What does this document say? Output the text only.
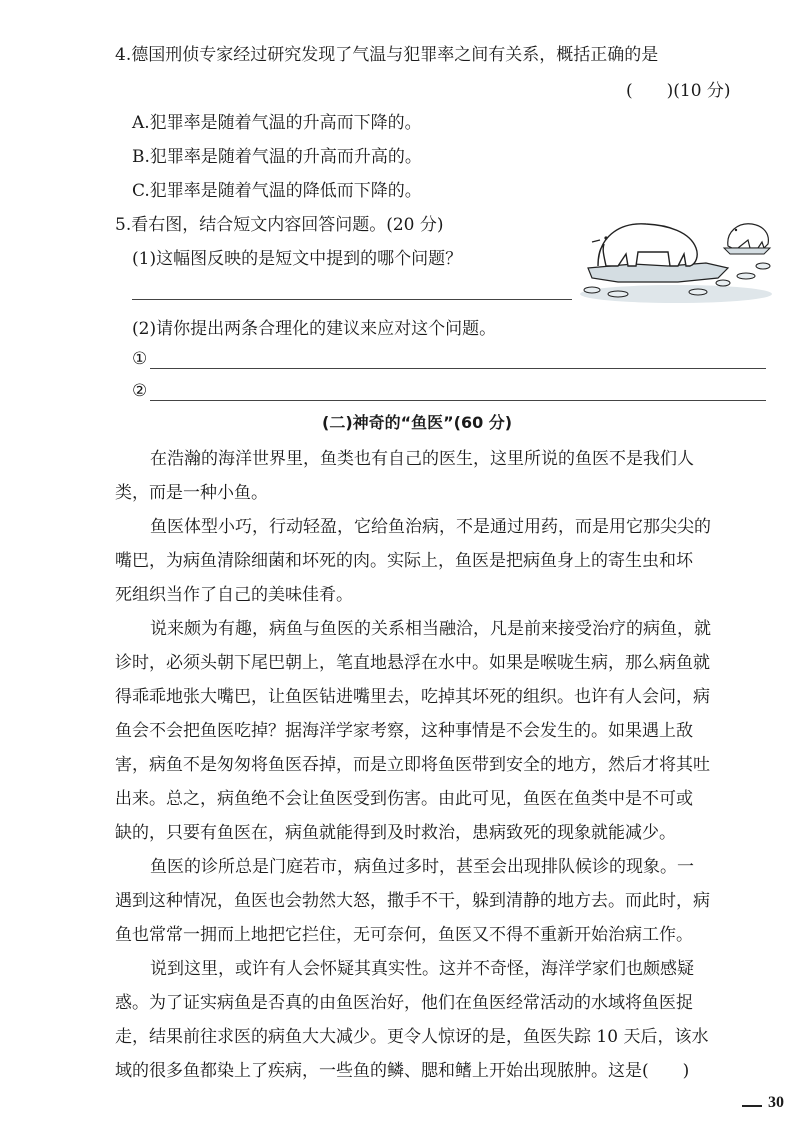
4.德国刑侦专家经过研究发现了气温与犯罪率之间有关系，概括正确的是
(　　)(10 分)
A.犯罪率是随着气温的升高而下降的。
B.犯罪率是随着气温的升高而升高的。
C.犯罪率是随着气温的降低而下降的。
5.看右图，结合短文内容回答问题。(20 分)
(1)这幅图反映的是短文中提到的哪个问题？
(2)请你提出两条合理化的建议来应对这个问题。
①
②
(二)神奇的“鱼医”(60 分)
在浩瀚的海洋世界里，鱼类也有自己的医生，这里所说的鱼医不是我们人
类，而是一种小鱼。
鱼医体型小巧，行动轻盈，它给鱼治病，不是通过用药，而是用它那尖尖的
嘴巴，为病鱼清除细菌和坏死的肉。实际上，鱼医是把病鱼身上的寄生虫和坏
死组织当作了自己的美味佳肴。
说来颇为有趣，病鱼与鱼医的关系相当融洽，凡是前来接受治疗的病鱼，就
诊时，必须头朝下尾巴朝上，笔直地悬浮在水中。如果是喉咙生病，那么病鱼就
得乖乖地张大嘴巴，让鱼医钻进嘴里去，吃掉其坏死的组织。也许有人会问，病
鱼会不会把鱼医吃掉？据海洋学家考察，这种事情是不会发生的。如果遇上敌
害，病鱼不是匆匆将鱼医吞掉，而是立即将鱼医带到安全的地方，然后才将其吐
出来。总之，病鱼绝不会让鱼医受到伤害。由此可见，鱼医在鱼类中是不可或
缺的，只要有鱼医在，病鱼就能得到及时救治，患病致死的现象就能减少。
鱼医的诊所总是门庭若市，病鱼过多时，甚至会出现排队候诊的现象。一
遇到这种情况，鱼医也会勃然大怒，撒手不干，躲到清静的地方去。而此时，病
鱼也常常一拥而上地把它拦住，无可奈何，鱼医又不得不重新开始治病工作。
说到这里，或许有人会怀疑其真实性。这并不奇怪，海洋学家们也颇感疑
惑。为了证实病鱼是否真的由鱼医治好，他们在鱼医经常活动的水域将鱼医捉
走，结果前往求医的病鱼大大减少。更令人惊讶的是，鱼医失踪 10 天后，该水
域的很多鱼都染上了疾病，一些鱼的鳞、腮和鳍上开始出现脓肿。这是(　　)
30
